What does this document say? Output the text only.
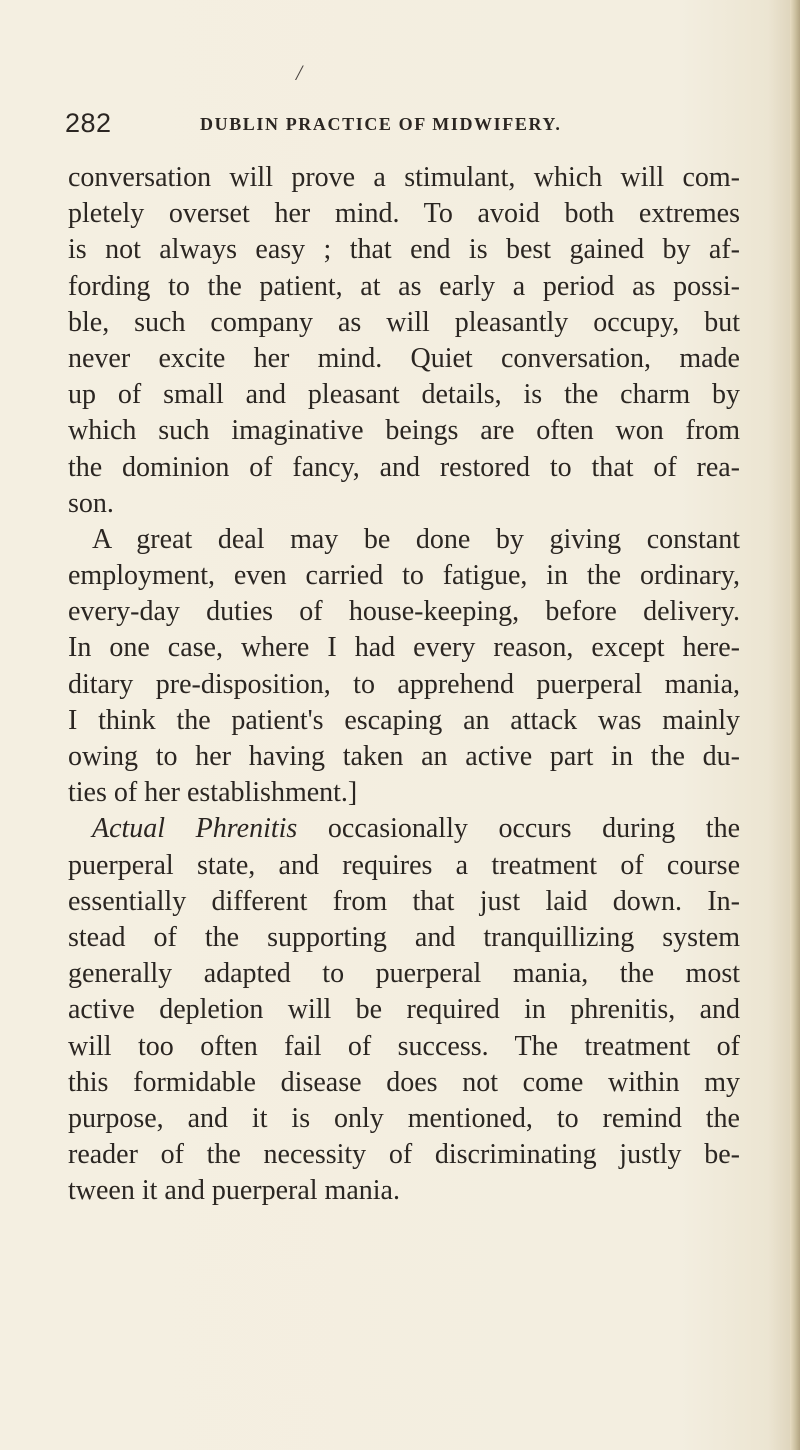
/
282	DUBLIN PRACTICE OF MIDWIFERY.
conversation will prove a stimulant, which will com-
pletely overset her mind. To avoid both extremes
is not always easy ; that end is best gained by af-
fording to the patient, at as early a period as possi-
ble, such company as will pleasantly occupy, but
never excite her mind. Quiet conversation, made
up of small and pleasant details, is the charm by
which such imaginative beings are often won from
the dominion of fancy, and restored to that of rea-
son.
A great deal may be done by giving constant
employment, even carried to fatigue, in the ordinary,
every-day duties of house-keeping, before delivery.
In one case, where I had every reason, except here-
ditary pre-disposition, to apprehend puerperal mania,
I think the patient's escaping an attack was mainly
owing to her having taken an active part in the du-
ties of her establishment.]
Actual Phrenitis occasionally occurs during the
puerperal state, and requires a treatment of course
essentially different from that just laid down. In-
stead of the supporting and tranquillizing system
generally adapted to puerperal mania, the most
active depletion will be required in phrenitis, and
will too often fail of success. The treatment of
this formidable disease does not come within my
purpose, and it is only mentioned, to remind the
reader of the necessity of discriminating justly be-
tween it and puerperal mania.
